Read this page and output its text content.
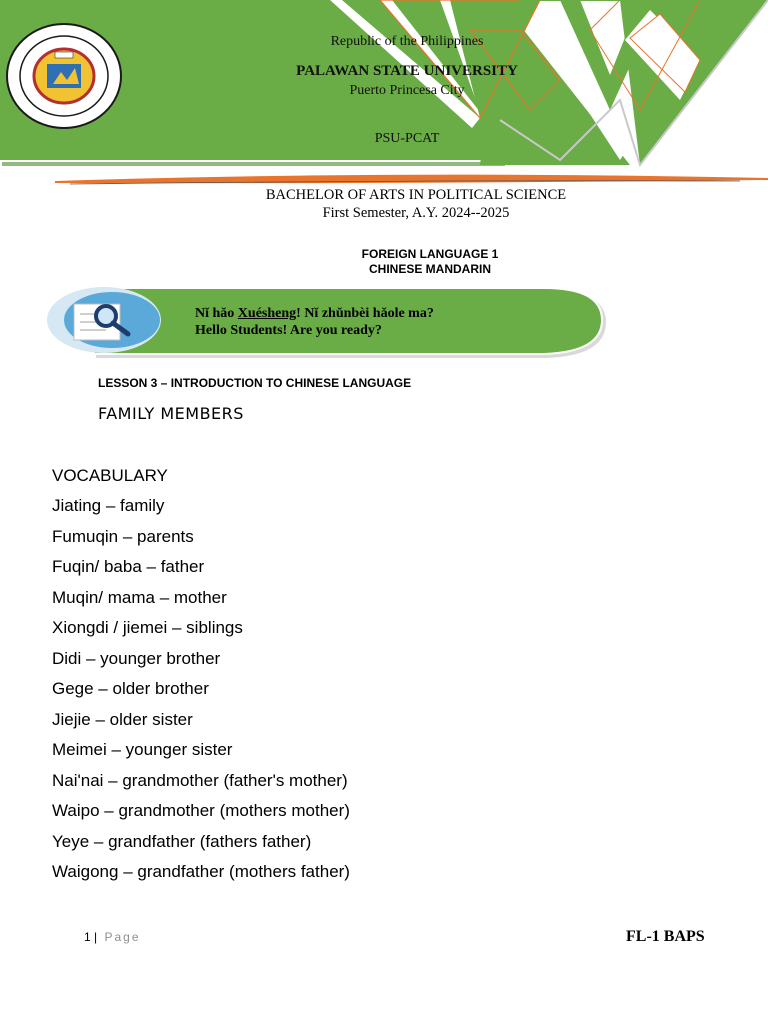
Republic of the Philippines
PALAWAN STATE UNIVERSITY
Puerto Princesa City
PSU-PCAT
BACHELOR OF ARTS IN POLITICAL SCIENCE
First Semester, A.Y. 2024--2025
FOREIGN LANGUAGE 1
CHINESE MANDARIN
Nǐ hǎo Xuésheng! Nǐ zhǔnbèi hǎole ma?
Hello Students! Are you ready?
LESSON 3 – INTRODUCTION TO CHINESE LANGUAGE
FAMILY MEMBERS
VOCABULARY
Jiating – family
Fumuqin – parents
Fuqin/ baba – father
Muqin/ mama – mother
Xiongdi / jiemei – siblings
Didi – younger brother
Gege – older brother
Jiejie – older sister
Meimei – younger sister
Nai'nai – grandmother (father's mother)
Waipo – grandmother (mothers mother)
Yeye – grandfather (fathers father)
Waigong – grandfather (mothers father)
1 | Page	FL-1 BAPS
